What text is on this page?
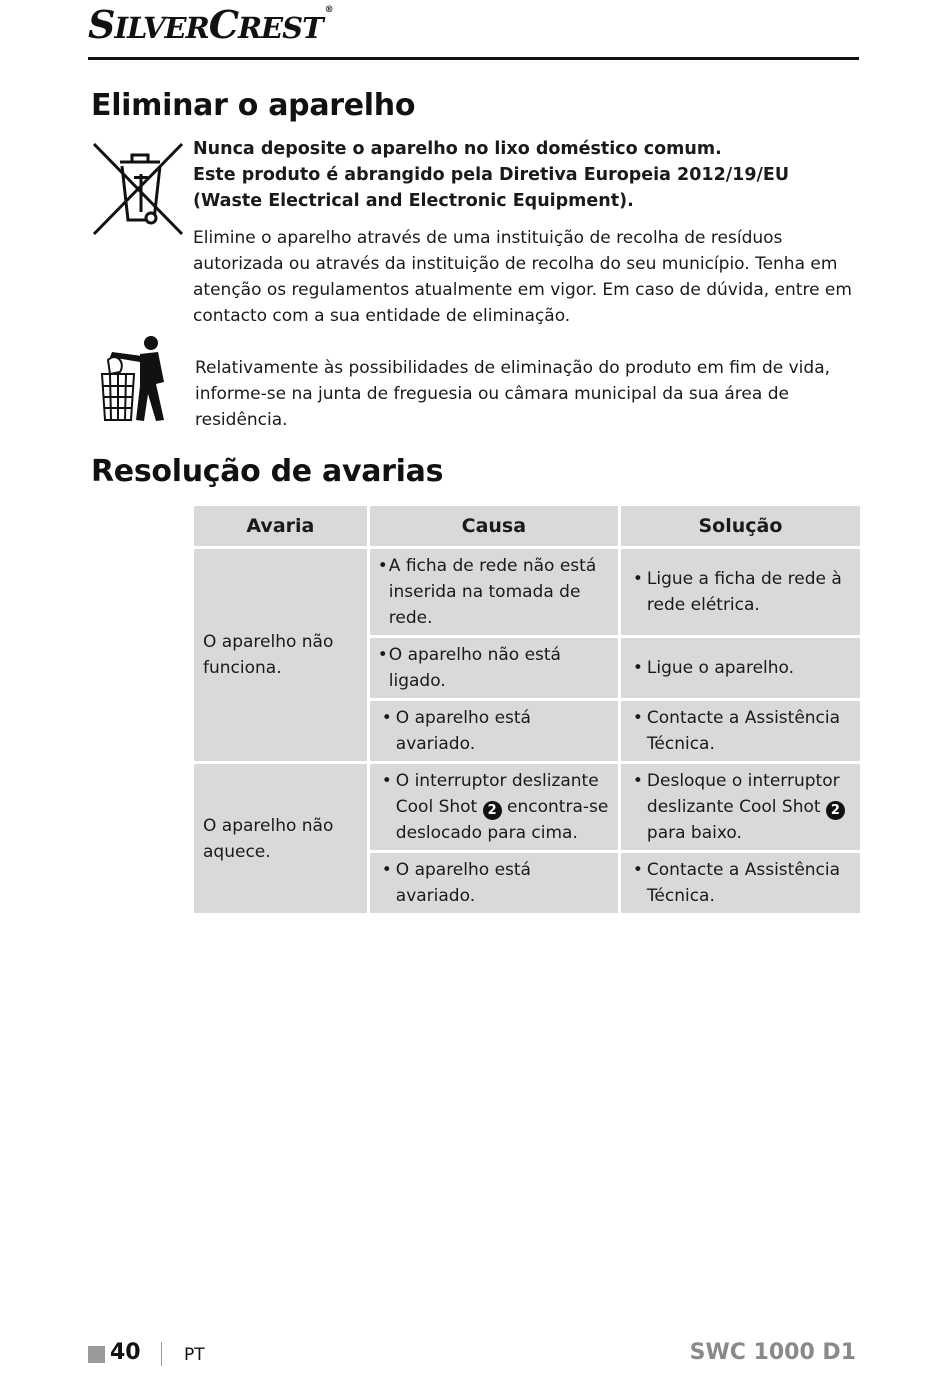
SILVERCREST®
Eliminar o aparelho
Nunca deposite o aparelho no lixo doméstico comum.
Este produto é abrangido pela Diretiva Europeia 2012/19/EU
(Waste Electrical and Electronic Equipment).

Elimine o aparelho através de uma instituição de recolha de resíduos autorizada ou através da instituição de recolha do seu município. Tenha em atenção os regulamentos atualmente em vigor. Em caso de dúvida, entre em contacto com a sua entidade de eliminação.

Relativamente às possibilidades de eliminação do produto em fim de vida, informe-se na junta de freguesia ou câmara municipal da sua área de residência.

Resolução de avarias
Avaria	Causa	Solução
O aparelho não funciona.	• A ficha de rede não está inserida na tomada de rede.	• Ligue a ficha de rede à rede elétrica.

	• O aparelho não está ligado.	• Ligue o aparelho.

	• O aparelho está avariado.	• Contacte a Assistência Técnica.

O aparelho não aquece.	• O interruptor deslizante Cool Shot 2 encontra-se deslocado para cima.	• Desloque o interruptor deslizante Cool Shot 2 para baixo.

	• O aparelho está avariado.	• Contacte a Assistência Técnica.
40	PT	SWC 1000 D1
